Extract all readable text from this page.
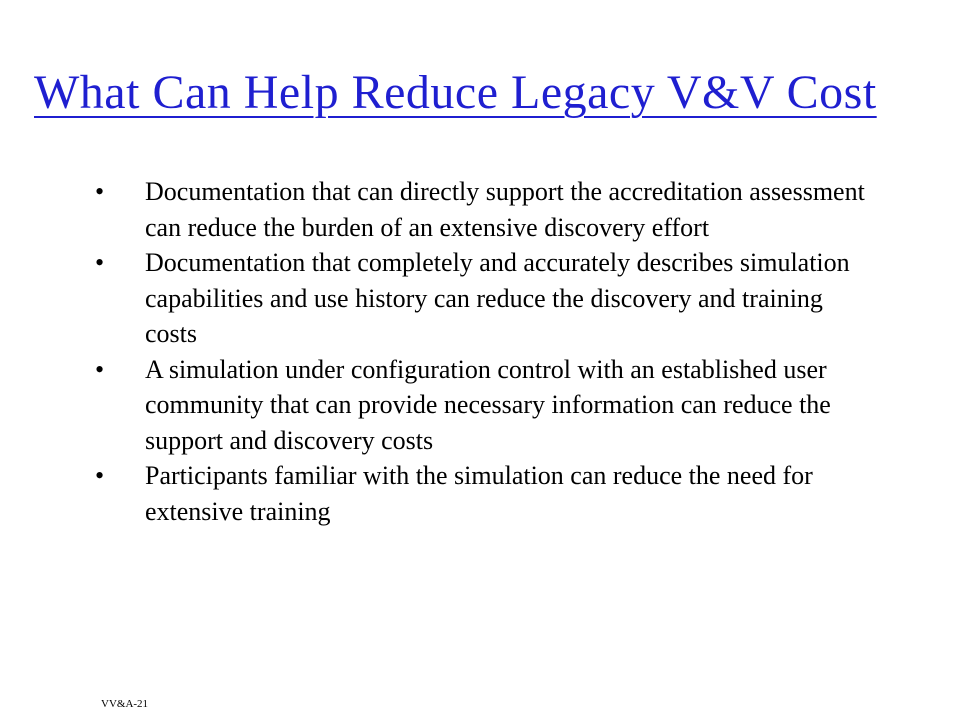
What Can Help Reduce Legacy V&V Cost
• Documentation that can directly support the accreditation assessment can reduce the burden of an extensive discovery effort
• Documentation that completely and accurately describes simulation capabilities and use history can reduce the discovery and training costs
• A simulation under configuration control with an established user community that can provide necessary information can reduce the support and discovery costs
• Participants familiar with the simulation can reduce the need for extensive training
VV&A-21
